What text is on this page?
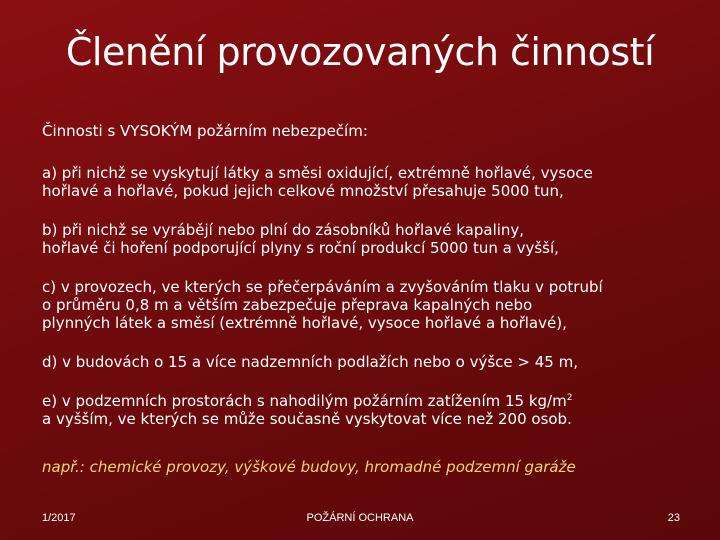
Členění provozovaných činností
Činnosti s VYSOKÝM požárním nebezpečím:
a) při nichž se vyskytují látky a směsi oxidující, extrémně hořlavé, vysoce
hořlavé a hořlavé, pokud jejich celkové množství přesahuje 5000 tun,
b) při nichž se vyrábějí nebo plní do zásobníků hořlavé kapaliny,
hořlavé či hoření podporující plyny s roční produkcí 5000 tun a vyšší,
c) v provozech, ve kterých se přečerpáváním a zvyšováním tlaku v potrubí
o průměru 0,8 m a větším zabezpečuje přeprava kapalných nebo
plynných látek a směsí (extrémně hořlavé, vysoce hořlavé a hořlavé),
d) v budovách o 15 a více nadzemních podlažích nebo o výšce > 45 m,
e) v podzemních prostorách s nahodilým požárním zatížením 15 $kg/m^2$
a vyšším, ve kterých se může současně vyskytovat více než 200 osob.
např.: chemické provozy, výškové budovy, hromadné podzemní garáže
1/2017	POŽÁRNÍ OCHRANA	23
